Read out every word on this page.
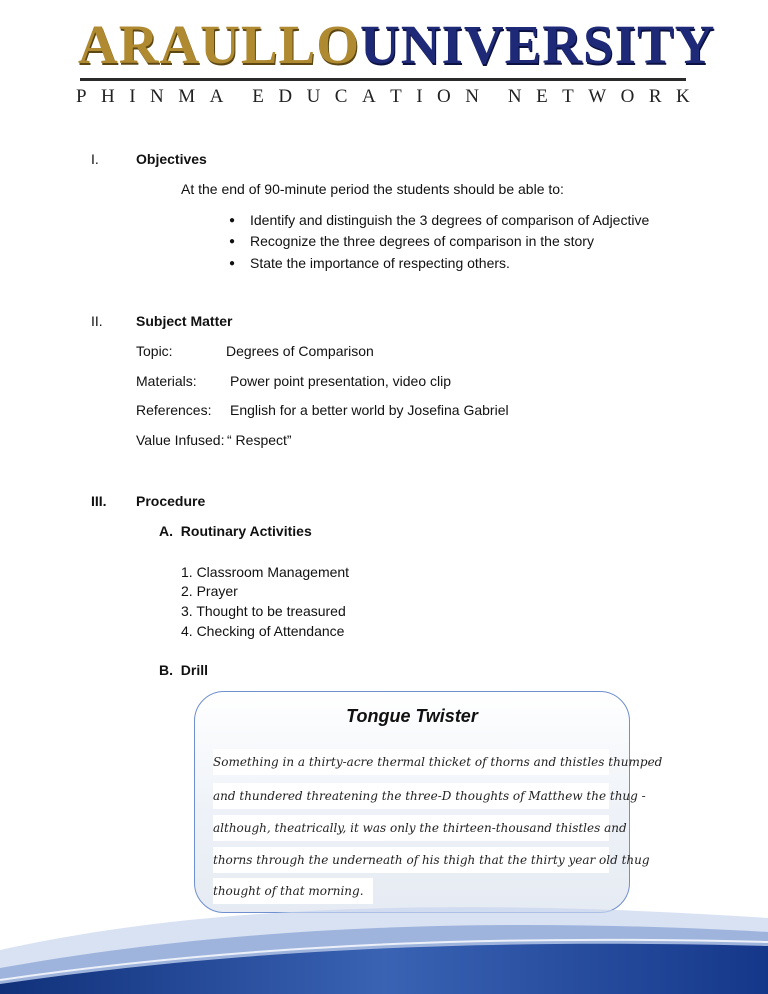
ARAULLOUNIVERSITY
P H I N M A E D U C A T I O N N E T W O R K
I.	Objectives
At the end of 90-minute period the students should be able to:
● Identify and distinguish the 3 degrees of comparison of Adjective
● Recognize the three degrees of comparison in the story
● State the importance of respecting others.
II. Subject Matter
Topic:	Degrees of Comparison
Materials: Power point presentation, video clip
References: English for a better world by Josefina Gabriel
Value Infused: “ Respect”
III. Procedure
A.  Routinary Activities
1. Classroom Management
2. Prayer
3. Thought to be treasured
4. Checking of Attendance
B.  Drill
Tongue Twister
Something in a thirty-acre thermal thicket of thorns and thistles thumped
and thundered threatening the three-D thoughts of Matthew the thug -
although, theatrically, it was only the thirteen-thousand thistles and
thorns through the underneath of his thigh that the thirty year old thug
thought of that morning.
